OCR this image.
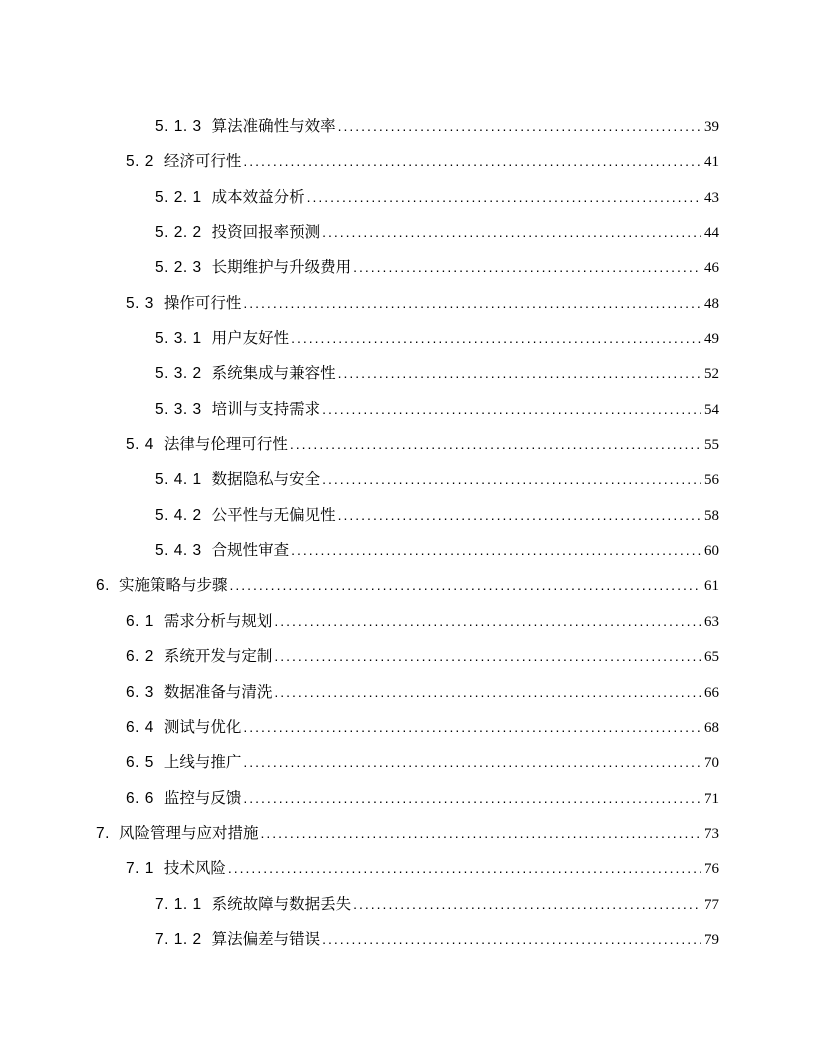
5. 1. 3 算法准确性与效率 .....	39
5. 2 经济可行性 .....	41
5. 2. 1 成本效益分析 .....	43
5. 2. 2 投资回报率预测 .....	44
5. 2. 3 长期维护与升级费用 .....	46
5. 3 操作可行性 .....	48
5. 3. 1 用户友好性 .....	49
5. 3. 2 系统集成与兼容性 .....	52
5. 3. 3 培训与支持需求 .....	54
5. 4 法律与伦理可行性 .....	55
5. 4. 1 数据隐私与安全 .....	56
5. 4. 2 公平性与无偏见性 .....	58
5. 4. 3 合规性审查 .....	60
6. 实施策略与步骤 .....	61
6. 1 需求分析与规划 .....	63
6. 2 系统开发与定制 .....	65
6. 3 数据准备与清洗 .....	66
6. 4 测试与优化 .....	68
6. 5 上线与推广 .....	70
6. 6 监控与反馈 .....	71
7. 风险管理与应对措施 .....	73
7. 1 技术风险 .....	76
7. 1. 1 系统故障与数据丢失 .....	77
7. 1. 2 算法偏差与错误 .....	79
